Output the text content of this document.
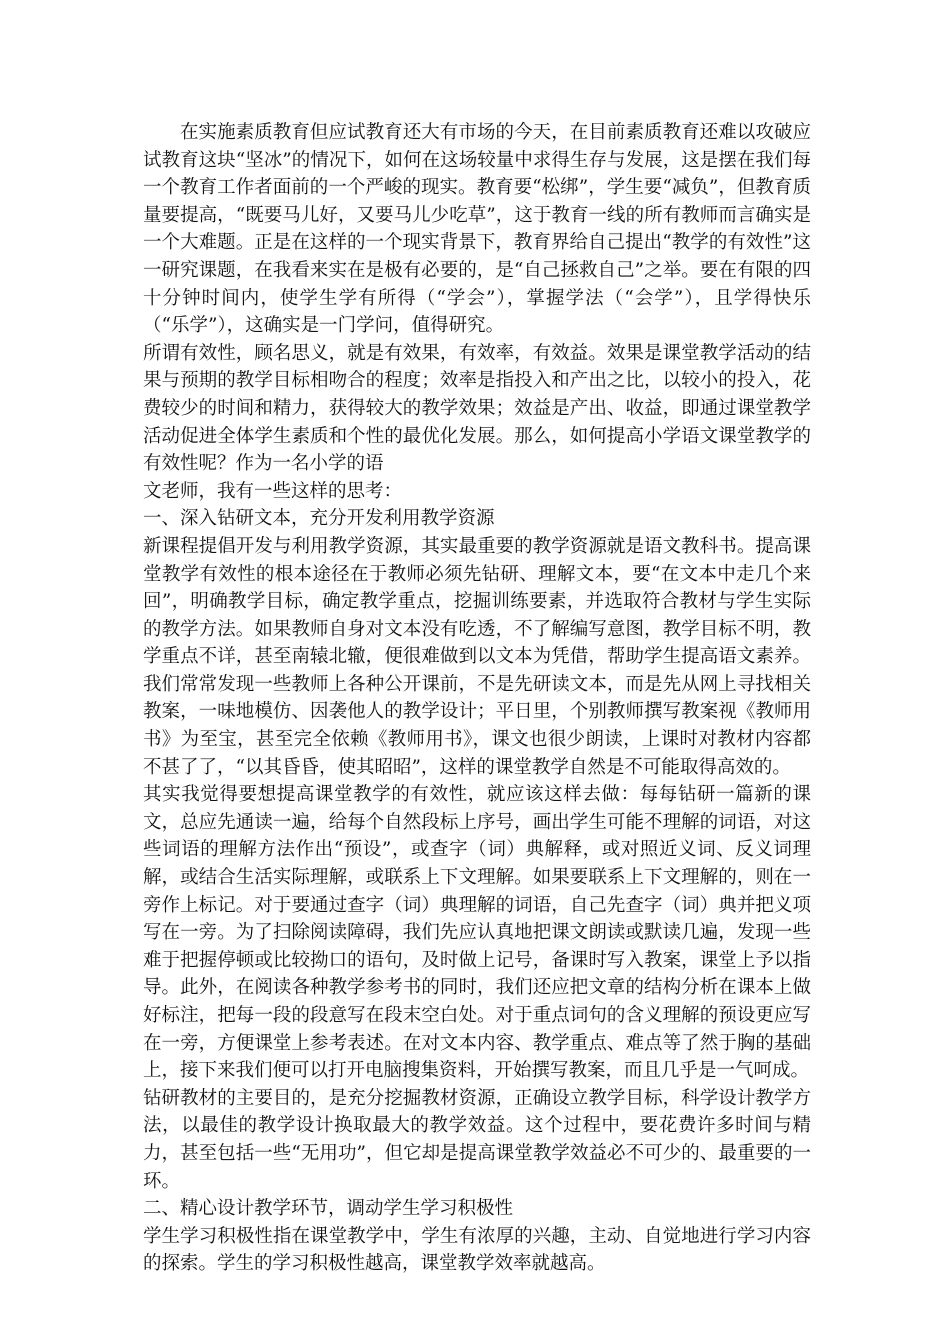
在实施素质教育但应试教育还大有市场的今天，在目前素质教育还难以攻破应试教育这块“坚冰”的情况下，如何在这场较量中求得生存与发展，这是摆在我们每一个教育工作者面前的一个严峻的现实。教育要“松绑”，学生要“减负”，但教育质量要提高，“既要马儿好，又要马儿少吃草”，这于教育一线的所有教师而言确实是一个大难题。正是在这样的一个现实背景下，教育界给自己提出“教学的有效性”这一研究课题，在我看来实在是极有必要的，是“自己拯救自己”之举。要在有限的四十分钟时间内，使学生学有所得（“学会”），掌握学法（“会学”），且学得快乐（“乐学”），这确实是一门学问，值得研究。

所谓有效性，顾名思义，就是有效果，有效率，有效益。效果是课堂教学活动的结果与预期的教学目标相吻合的程度；效率是指投入和产出之比，以较小的投入，花费较少的时间和精力，获得较大的教学效果；效益是产出、收益，即通过课堂教学活动促进全体学生素质和个性的最优化发展。那么，如何提高小学语文课堂教学的有效性呢？作为一名小学的语

文老师，我有一些这样的思考：

一、深入钻研文本，充分开发利用教学资源

新课程提倡开发与利用教学资源，其实最重要的教学资源就是语文教科书。提高课堂教学有效性的根本途径在于教师必须先钻研、理解文本，要“在文本中走几个来回”，明确教学目标，确定教学重点，挖掘训练要素，并选取符合教材与学生实际的教学方法。如果教师自身对文本没有吃透，不了解编写意图，教学目标不明，教学重点不详，甚至南辕北辙，便很难做到以文本为凭借，帮助学生提高语文素养。我们常常发现一些教师上各种公开课前，不是先研读文本，而是先从网上寻找相关教案，一味地模仿、因袭他人的教学设计；平日里，个别教师撰写教案视《教师用书》为至宝，甚至完全依赖《教师用书》，课文也很少朗读，上课时对教材内容都不甚了了，“以其昏昏，使其昭昭”，这样的课堂教学自然是不可能取得高效的。

其实我觉得要想提高课堂教学的有效性，就应该这样去做：每每钻研一篇新的课文，总应先通读一遍，给每个自然段标上序号，画出学生可能不理解的词语，对这些词语的理解方法作出“预设”，或查字（词）典解释，或对照近义词、反义词理解，或结合生活实际理解，或联系上下文理解。如果要联系上下文理解的，则在一旁作上标记。对于要通过查字（词）典理解的词语，自己先查字（词）典并把义项写在一旁。为了扫除阅读障碍，我们先应认真地把课文朗读或默读几遍，发现一些难于把握停顿或比较拗口的语句，及时做上记号，备课时写入教案，课堂上予以指导。此外，在阅读各种教学参考书的同时，我们还应把文章的结构分析在课本上做好标注，把每一段的段意写在段末空白处。对于重点词句的含义理解的预设更应写在一旁，方便课堂上参考表述。在对文本内容、教学重点、难点等了然于胸的基础上，接下来我们便可以打开电脑搜集资料，开始撰写教案，而且几乎是一气呵成。

钻研教材的主要目的，是充分挖掘教材资源，正确设立教学目标，科学设计教学方法，以最佳的教学设计换取最大的教学效益。这个过程中，要花费许多时间与精力，甚至包括一些“无用功”，但它却是提高课堂教学效益必不可少的、最重要的一环。

二、精心设计教学环节，调动学生学习积极性

学生学习积极性指在课堂教学中，学生有浓厚的兴趣，主动、自觉地进行学习内容的探索。学生的学习积极性越高，课堂教学效率就越高。
